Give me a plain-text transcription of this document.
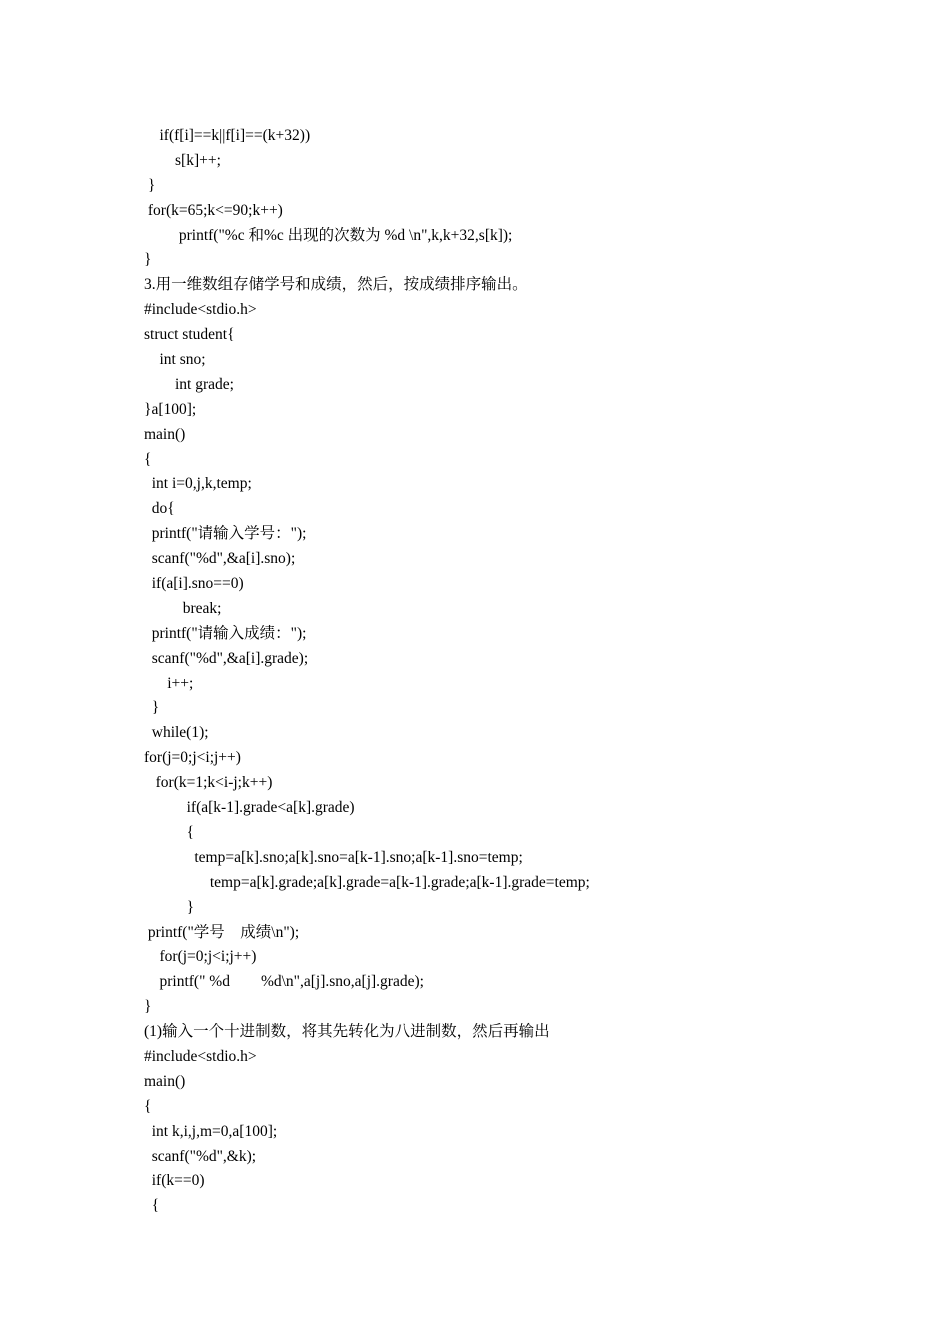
if(f[i]==k||f[i]==(k+32))
s[k]++;
}
for(k=65;k<=90;k++)
printf("%c 和%c 出现的次数为 %d \n",k,k+32,s[k]);
}
3.用一维数组存储学号和成绩，然后，按成绩排序输出。
#include<stdio.h>
struct student{
int sno;
int grade;
}a[100];
main()
{
int i=0,j,k,temp;
do{
printf("请输入学号：");
scanf("%d",&a[i].sno);
if(a[i].sno==0)
break;
printf("请输入成绩：");
scanf("%d",&a[i].grade);
i++;
}
while(1);
for(j=0;j<i;j++)
for(k=1;k<i-j;k++)
if(a[k-1].grade<a[k].grade)
{
temp=a[k].sno;a[k].sno=a[k-1].sno;a[k-1].sno=temp;
temp=a[k].grade;a[k].grade=a[k-1].grade;a[k-1].grade=temp;
}
printf("学号    成绩\n");
for(j=0;j<i;j++)
printf(" %d        %d\n",a[j].sno,a[j].grade);
}
(1)输入一个十进制数，将其先转化为八进制数，然后再输出
#include<stdio.h>
main()
{
int k,i,j,m=0,a[100];
scanf("%d",&k);
if(k==0)
{
